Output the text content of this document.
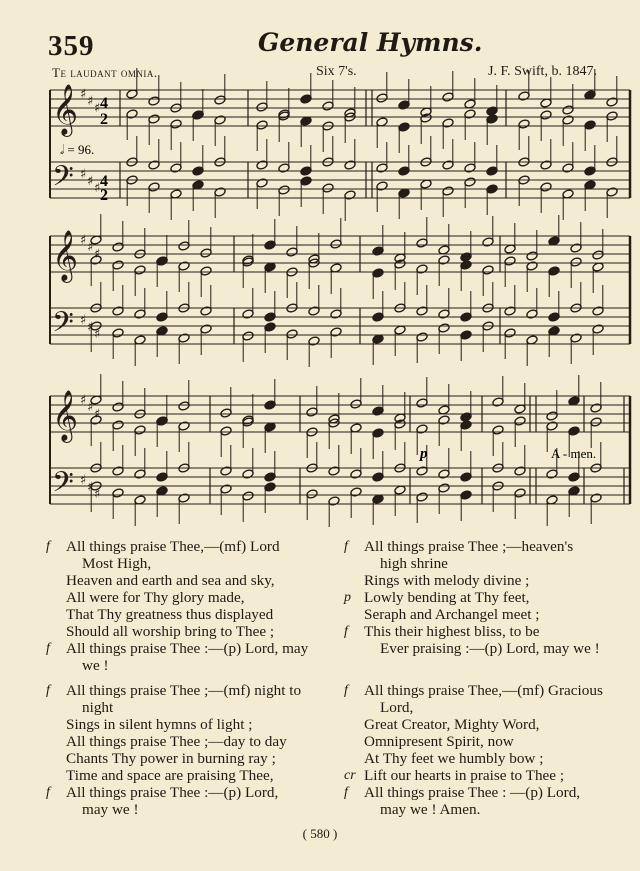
359	General Hymns.
Te laudant omnia.	Six 7's.	J. F. Swift, b. 1847.
𝄞 ♯ ♯ ♯
𝄢 ♯ ♯ ♯
𝄞 ♯ ♯ ♯
𝄢 ♯ ♯ ♯
𝄞 ♯ ♯ ♯
𝄢 ♯ ♯ ♯
𝅗𝅥 = 96.
4
2
4
2
p	A - men.
f All things praise Thee,—(mf) Lord
Most High,
Heaven and earth and sea and sky,
All were for Thy glory made,
That Thy greatness thus displayed
Should all worship bring to Thee ;
f All things praise Thee :—(p) Lord, may
we !
f All things praise Thee ;—heaven's
high shrine
Rings with melody divine ;
p Lowly bending at Thy feet,
Seraph and Archangel meet ;
f This their highest bliss, to be
Ever praising :—(p) Lord, may we !
f All things praise Thee ;—(mf) night to
night
Sings in silent hymns of light ;
All things praise Thee ;—day to day
Chants Thy power in burning ray ;
Time and space are praising Thee,
f All things praise Thee :—(p) Lord,
may we !
f All things praise Thee,—(mf) Gracious
Lord,
Great Creator, Mighty Word,
Omnipresent Spirit, now
At Thy feet we humbly bow ;
cr Lift our hearts in praise to Thee ;
f All things praise Thee : —(p) Lord,
may we ! Amen.
( 580 )
